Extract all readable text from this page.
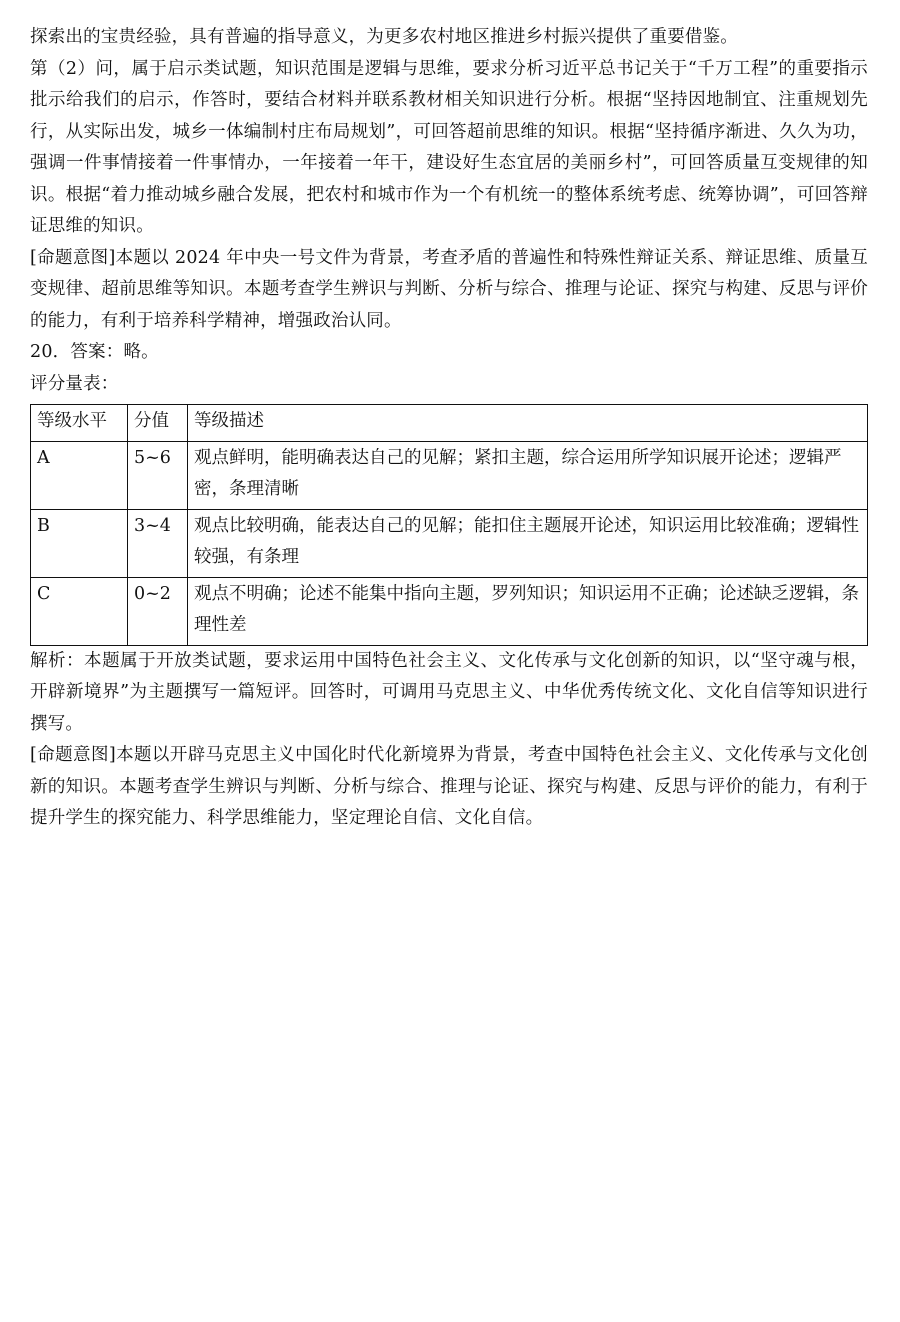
探索出的宝贵经验，具有普遍的指导意义，为更多农村地区推进乡村振兴提供了重要借鉴。

第（2）问，属于启示类试题，知识范围是逻辑与思维，要求分析习近平总书记关于“千万工程”的重要指示批示给我们的启示，作答时，要结合材料并联系教材相关知识进行分析。根据“坚持因地制宜、注重规划先行，从实际出发，城乡一体编制村庄布局规划”，可回答超前思维的知识。根据“坚持循序渐进、久久为功，强调一件事情接着一件事情办，一年接着一年干，建设好生态宜居的美丽乡村”，可回答质量互变规律的知识。根据“着力推动城乡融合发展，把农村和城市作为一个有机统一的整体系统考虑、统筹协调”，可回答辩证思维的知识。

[命题意图]本题以 2024 年中央一号文件为背景，考查矛盾的普遍性和特殊性辩证关系、辩证思维、质量互变规律、超前思维等知识。本题考查学生辨识与判断、分析与综合、推理与论证、探究与构建、反思与评价的能力，有利于培养科学精神，增强政治认同。

20．答案：略。

评分量表：

等级水平	分值	等级描述
A	5~6	观点鲜明，能明确表达自己的见解；紧扣主题，综合运用所学知识展开论述；逻辑严密，条理清晰
B	3~4	观点比较明确，能表达自己的见解；能扣住主题展开论述，知识运用比较准确；逻辑性较强，有条理
C	0~2	观点不明确；论述不能集中指向主题，罗列知识；知识运用不正确；论述缺乏逻辑，条理性差

解析：本题属于开放类试题，要求运用中国特色社会主义、文化传承与文化创新的知识，以“坚守魂与根，开辟新境界”为主题撰写一篇短评。回答时，可调用马克思主义、中华优秀传统文化、文化自信等知识进行撰写。

[命题意图]本题以开辟马克思主义中国化时代化新境界为背景，考查中国特色社会主义、文化传承与文化创新的知识。本题考查学生辨识与判断、分析与综合、推理与论证、探究与构建、反思与评价的能力，有利于提升学生的探究能力、科学思维能力，坚定理论自信、文化自信。
